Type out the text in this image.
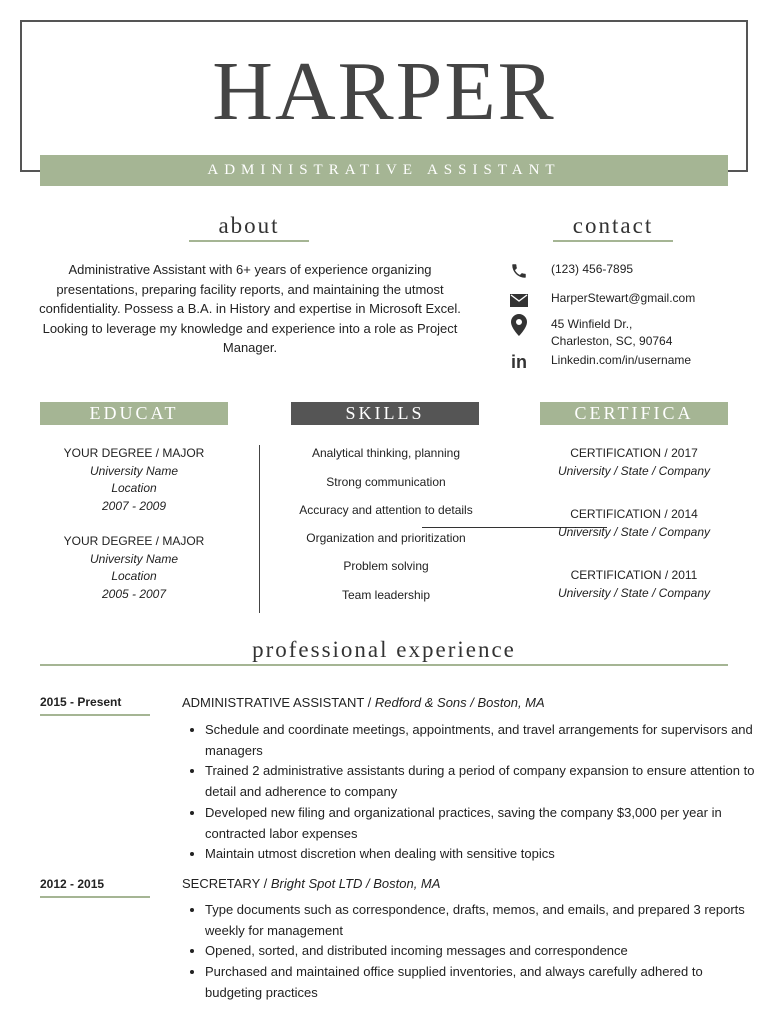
HARPER
ADMINISTRATIVE ASSISTANT
about
Administrative Assistant with 6+ years of experience organizing presentations, preparing facility reports, and maintaining the utmost confidentiality. Possess a B.A. in History and expertise in Microsoft Excel. Looking to leverage my knowledge and experience into a role as Project Manager.
contact
(123) 456-7895
HarperStewart@gmail.com
45 Winfield Dr.,
Charleston, SC, 90764
in Linkedin.com/in/username
EDUCAT	SKILLS	CERTIFICA
YOUR DEGREE / MAJOR
University Name
Location
2007 - 2009
YOUR DEGREE / MAJOR
University Name
Location
2005 - 2007
Analytical thinking, planning
Strong communication
Accuracy and attention to details
Organization and prioritization
Problem solving
Team leadership
CERTIFICATION / 2017
University / State / Company
CERTIFICATION / 2014
University / State / Company
CERTIFICATION / 2011
University / State / Company
professional experience
2015 - Present	ADMINISTRATIVE ASSISTANT / Redford & Sons / Boston, MA
• Schedule and coordinate meetings, appointments, and travel arrangements for supervisors and managers
• Trained 2 administrative assistants during a period of company expansion to ensure attention to detail and adherence to company
• Developed new filing and organizational practices, saving the company $3,000 per year in contracted labor expenses
• Maintain utmost discretion when dealing with sensitive topics
2012 - 2015	SECRETARY / Bright Spot LTD / Boston, MA
• Type documents such as correspondence, drafts, memos, and emails, and prepared 3 reports weekly for management
• Opened, sorted, and distributed incoming messages and correspondence
• Purchased and maintained office supplied inventories, and always carefully adhered to budgeting practices
